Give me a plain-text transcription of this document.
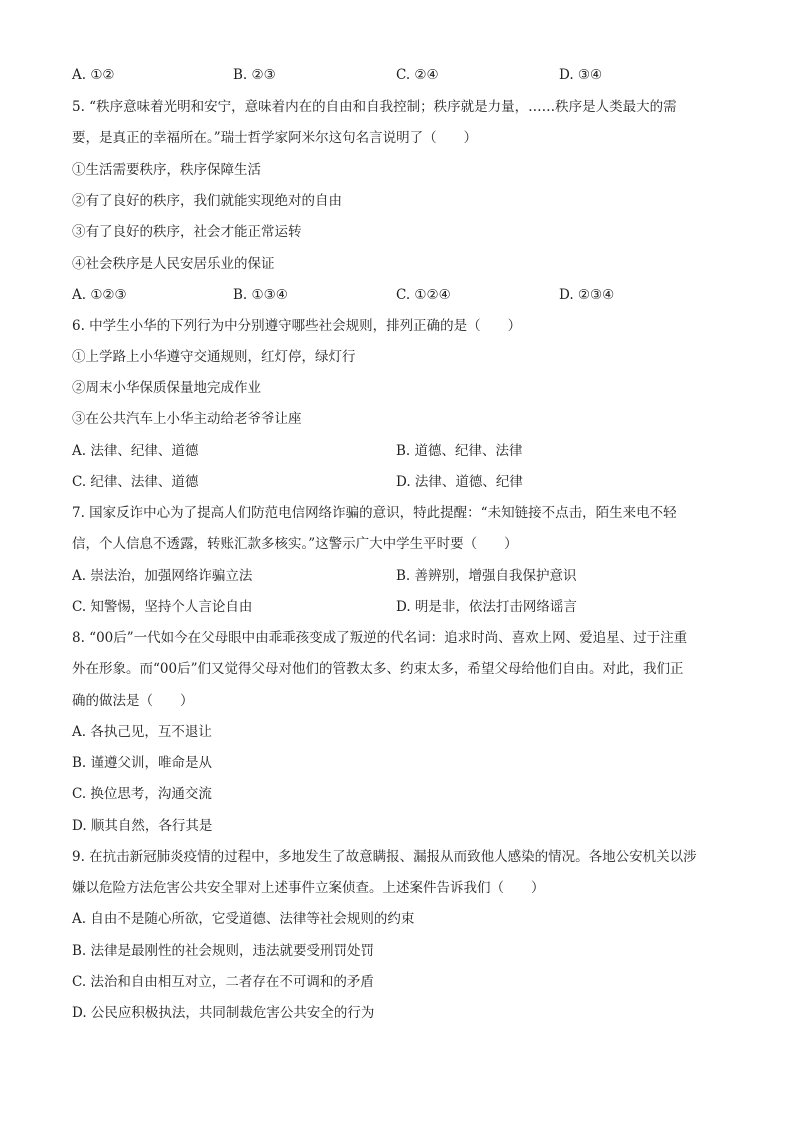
A. ①②	B. ②③	C. ②④	D. ③④
5. “秩序意味着光明和安宁，意味着内在的自由和自我控制；秩序就是力量，……秩序是人类最大的需
要，是真正的幸福所在。”瑞士哲学家阿米尔这句名言说明了（　　）
①生活需要秩序，秩序保障生活
②有了良好的秩序，我们就能实现绝对的自由
③有了良好的秩序，社会才能正常运转
④社会秩序是人民安居乐业的保证
A. ①②③	B. ①③④	C. ①②④	D. ②③④
6. 中学生小华的下列行为中分别遵守哪些社会规则，排列正确的是（　　）
①上学路上小华遵守交通规则，红灯停，绿灯行
②周末小华保质保量地完成作业
③在公共汽车上小华主动给老爷爷让座
A. 法律、纪律、道德	B. 道德、纪律、法律
C. 纪律、法律、道德	D. 法律、道德、纪律
7. 国家反诈中心为了提高人们防范电信网络诈骗的意识，特此提醒：“未知链接不点击，陌生来电不轻
信，个人信息不透露，转账汇款多核实。”这警示广大中学生平时要（　　）
A. 崇法治，加强网络诈骗立法	B. 善辨别，增强自我保护意识
C. 知警惕，坚持个人言论自由	D. 明是非，依法打击网络谣言
8. “00后”一代如今在父母眼中由乖乖孩变成了叛逆的代名词：追求时尚、喜欢上网、爱追星、过于注重
外在形象。而“00后”们又觉得父母对他们的管教太多、约束太多，希望父母给他们自由。对此，我们正
确的做法是（　　）
A. 各执己见，互不退让
B. 谨遵父训，唯命是从
C. 换位思考，沟通交流
D. 顺其自然，各行其是
9. 在抗击新冠肺炎疫情的过程中，多地发生了故意瞒报、漏报从而致他人感染的情况。各地公安机关以涉
嫌以危险方法危害公共安全罪对上述事件立案侦查。上述案件告诉我们（　　）
A. 自由不是随心所欲，它受道德、法律等社会规则的约束
B. 法律是最刚性的社会规则，违法就要受刑罚处罚
C. 法治和自由相互对立，二者存在不可调和的矛盾
D. 公民应积极执法，共同制裁危害公共安全的行为
